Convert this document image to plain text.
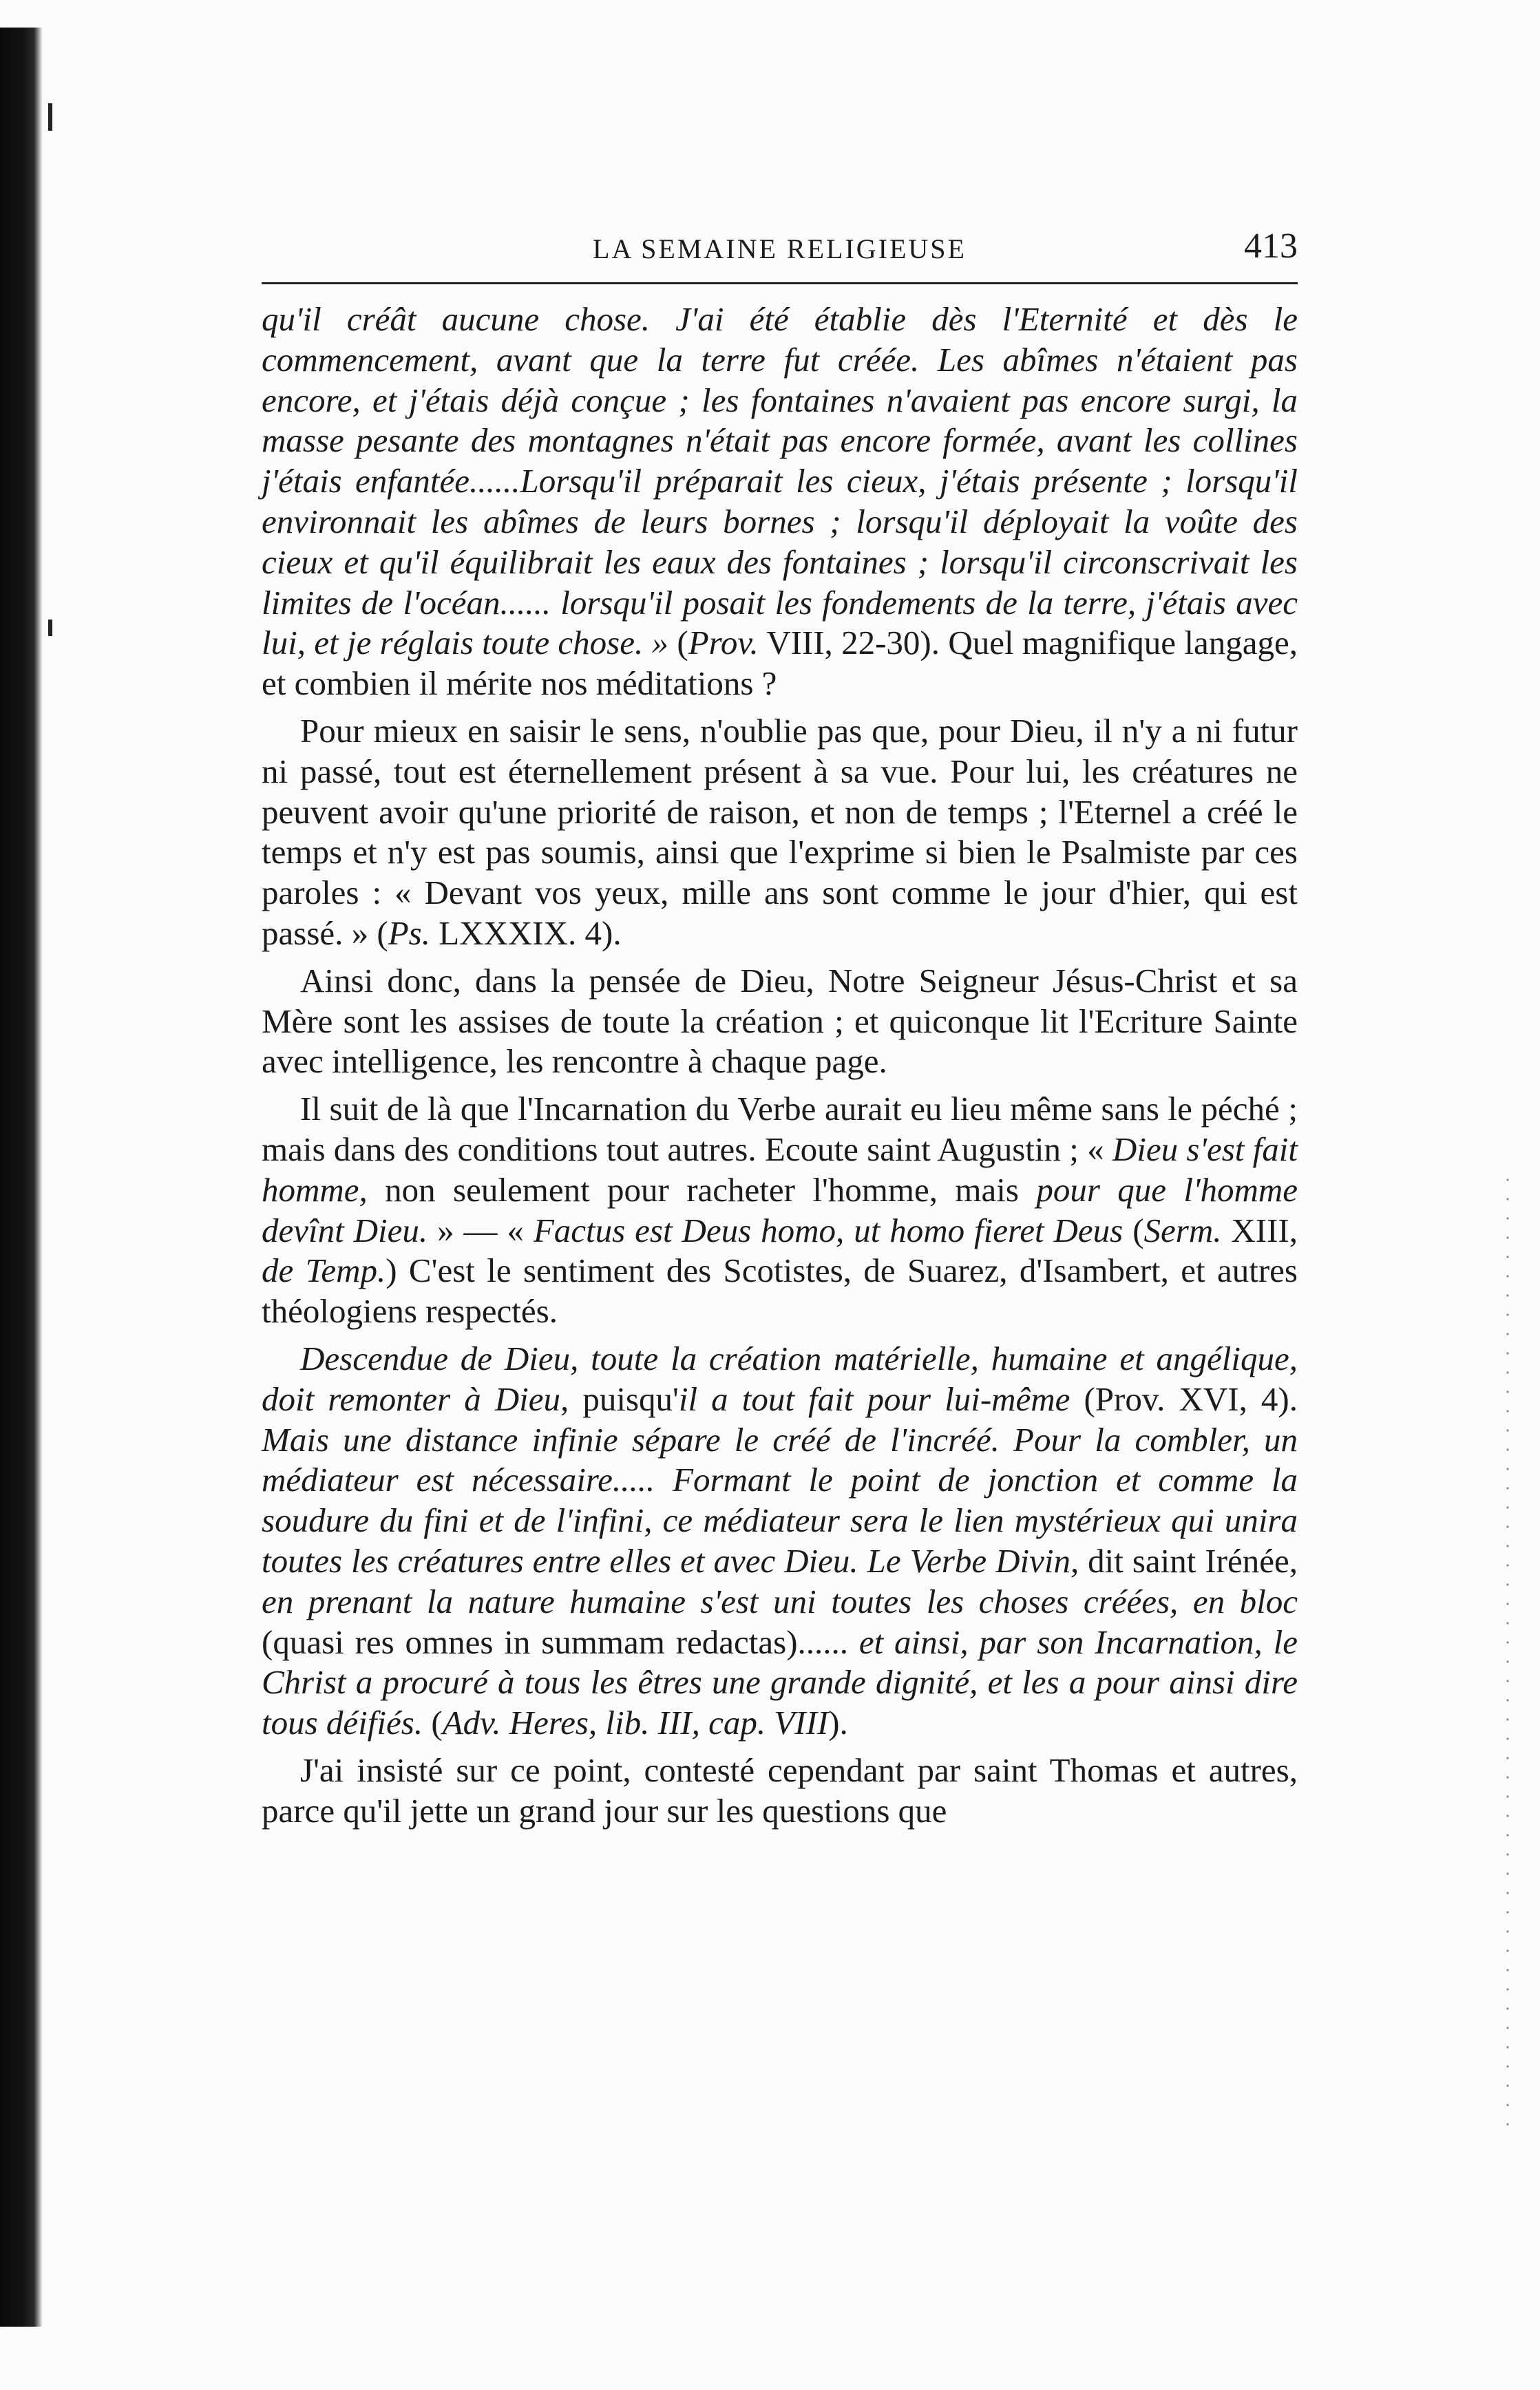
LA SEMAINE RELIGIEUSE	413

qu'il créât aucune chose. J'ai été établie dès l'Eternité et dès le commencement, avant que la terre fut créée. Les abîmes n'étaient pas encore, et j'étais déjà conçue ; les fontaines n'avaient pas encore surgi, la masse pesante des montagnes n'était pas encore formée, avant les collines j'étais enfantée......Lorsqu'il préparait les cieux, j'étais présente ; lorsqu'il environnait les abîmes de leurs bornes ; lorsqu'il déployait la voûte des cieux et qu'il équilibrait les eaux des fontaines ; lorsqu'il circonscrivait les limites de l'océan...... lorsqu'il posait les fondements de la terre, j'étais avec lui, et je réglais toute chose. » (Prov. VIII, 22-30). Quel magnifique langage, et combien il mérite nos méditations ?

Pour mieux en saisir le sens, n'oublie pas que, pour Dieu, il n'y a ni futur ni passé, tout est éternellement présent à sa vue. Pour lui, les créatures ne peuvent avoir qu'une priorité de raison, et non de temps ; l'Eternel a créé le temps et n'y est pas soumis, ainsi que l'exprime si bien le Psalmiste par ces paroles : « Devant vos yeux, mille ans sont comme le jour d'hier, qui est passé. » (Ps. LXXXIX. 4).

Ainsi donc, dans la pensée de Dieu, Notre Seigneur Jésus-Christ et sa Mère sont les assises de toute la création ; et quiconque lit l'Ecriture Sainte avec intelligence, les rencontre à chaque page.

Il suit de là que l'Incarnation du Verbe aurait eu lieu même sans le péché ; mais dans des conditions tout autres. Ecoute saint Augustin ; « Dieu s'est fait homme, non seulement pour racheter l'homme, mais pour que l'homme devînt Dieu. » — « Factus est Deus homo, ut homo fieret Deus (Serm. XIII, de Temp.) C'est le sentiment des Scotistes, de Suarez, d'Isambert, et autres théologiens respectés.

Descendue de Dieu, toute la création matérielle, humaine et angélique, doit remonter à Dieu, puisqu'il a tout fait pour lui-même (Prov. XVI, 4). Mais une distance infinie sépare le créé de l'incréé. Pour la combler, un médiateur est nécessaire..... Formant le point de jonction et comme la soudure du fini et de l'infini, ce médiateur sera le lien mystérieux qui unira toutes les créatures entre elles et avec Dieu. Le Verbe Divin, dit saint Irénée, en prenant la nature humaine s'est uni toutes les choses créées, en bloc (quasi res omnes in summam redactas)...... et ainsi, par son Incarnation, le Christ a procuré à tous les êtres une grande dignité, et les a pour ainsi dire tous déifiés. (Adv. Heres, lib. III, cap. VIII).

J'ai insisté sur ce point, contesté cependant par saint Thomas et autres, parce qu'il jette un grand jour sur les questions que
